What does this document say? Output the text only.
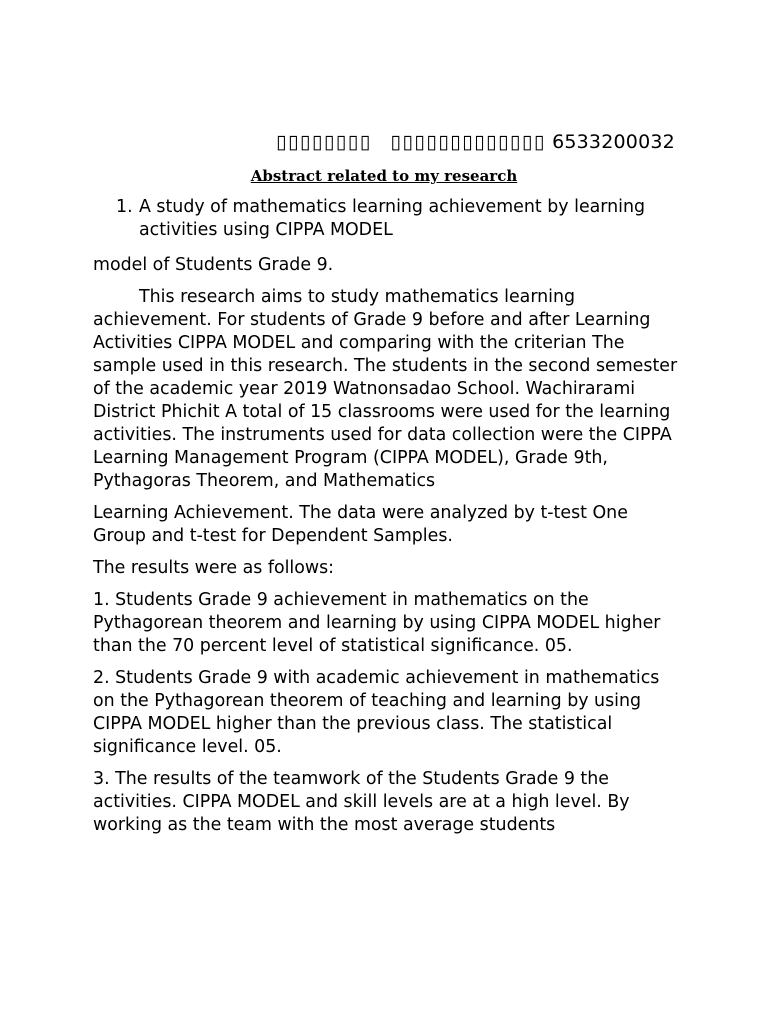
▯▯▯▯▯▯▯▯ ▯▯▯▯▯▯▯▯▯▯▯▯▯ 6533200032
Abstract related to my research

1. A study of mathematics learning achievement by learning activities using CIPPA MODEL

model of Students Grade 9.

This research aims to study mathematics learning achievement. For students of Grade 9 before and after Learning Activities CIPPA MODEL and comparing with the criterian The sample used in this research. The students in the second semester of the academic year 2019 Watnonsadao School. Wachirarami District Phichit A total of 15 classrooms were used for the learning activities. The instruments used for data collection were the CIPPA Learning Management Program (CIPPA MODEL), Grade 9th, Pythagoras Theorem, and Mathematics

Learning Achievement. The data were analyzed by t-test One Group and t-test for Dependent Samples.

The results were as follows:

1. Students Grade 9 achievement in mathematics on the Pythagorean theorem and learning by using CIPPA MODEL higher than the 70 percent level of statistical significance. 05.

2. Students Grade 9 with academic achievement in mathematics on the Pythagorean theorem of teaching and learning by using CIPPA MODEL higher than the previous class. The statistical significance level. 05.

3. The results of the teamwork of the Students Grade 9 the activities. CIPPA MODEL and skill levels are at a high level. By working as the team with the most average students
